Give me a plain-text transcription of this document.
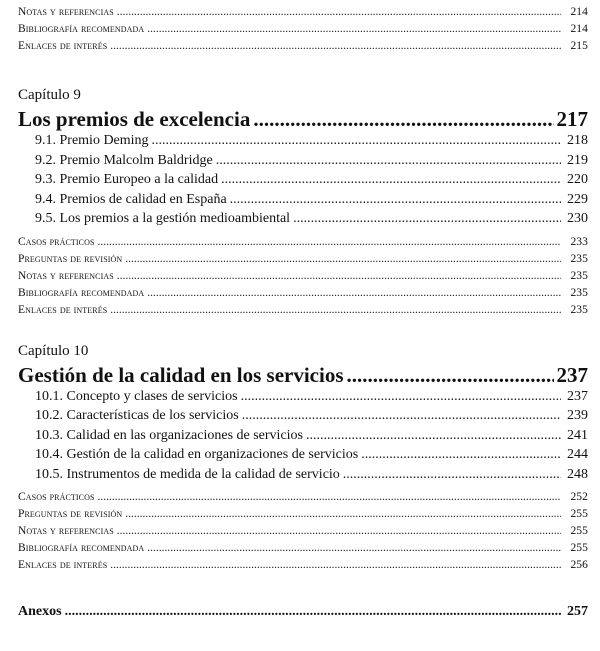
Notas y referencias .....	214
Bibliografía recomendada .....	214
Enlaces de interés .....	215
Capítulo 9
Los premios de excelencia .....	217
9.1. Premio Deming .....	218
9.2. Premio Malcolm Baldridge .....	219
9.3. Premio Europeo a la calidad .....	220
9.4. Premios de calidad en España .....	229
9.5. Los premios a la gestión medioambiental .....	230
Casos prácticos .....	233
Preguntas de revisión .....	235
Notas y referencias .....	235
Bibliografía recomendada .....	235
Enlaces de interés .....	235
Capítulo 10
Gestión de la calidad en los servicios .....	237
10.1. Concepto y clases de servicios .....	237
10.2. Características de los servicios .....	239
10.3. Calidad en las organizaciones de servicios .....	241
10.4. Gestión de la calidad en organizaciones de servicios .....	244
10.5. Instrumentos de medida de la calidad de servicio .....	248
Casos prácticos .....	252
Preguntas de revisión .....	255
Notas y referencias .....	255
Bibliografía recomendada .....	255
Enlaces de interés .....	256
Anexos .....	257
